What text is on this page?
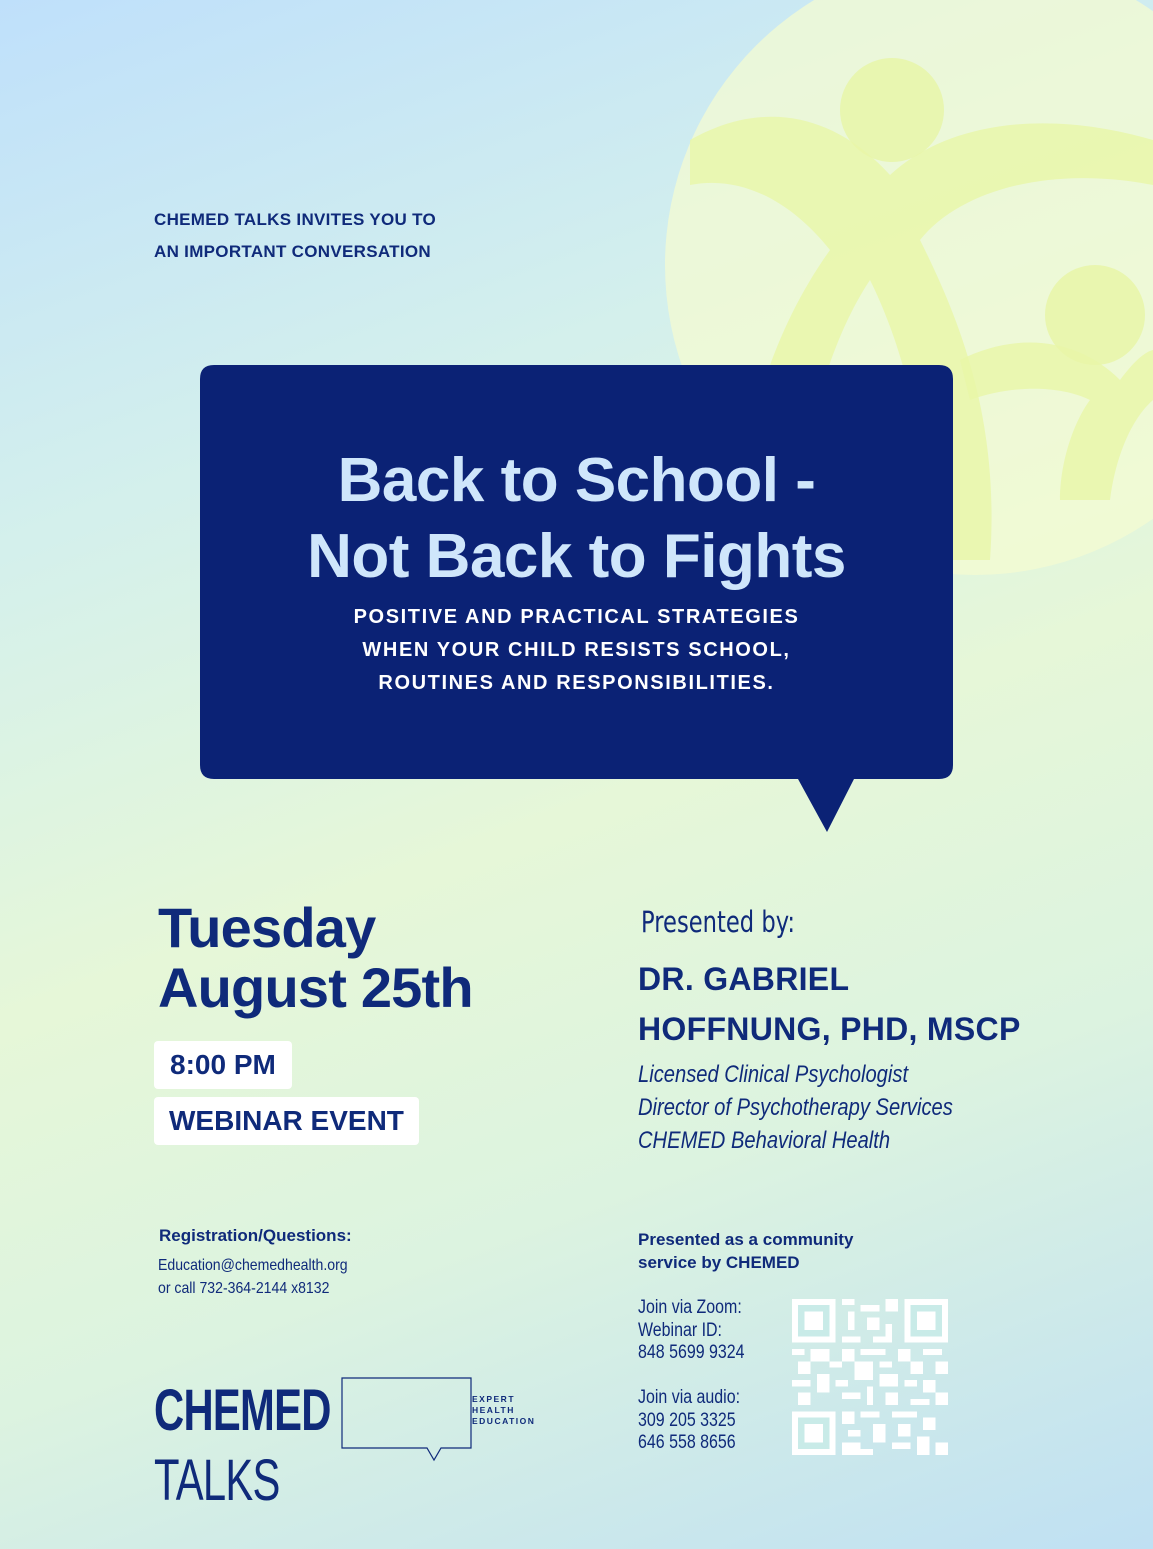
CHEMED TALKS INVITES YOU TO
AN IMPORTANT CONVERSATION
Back to School -
Not Back to Fights
POSITIVE AND PRACTICAL STRATEGIES
WHEN YOUR CHILD RESISTS SCHOOL,
ROUTINES AND RESPONSIBILITIES.
Tuesday
August 25th
8:00 PM
WEBINAR EVENT
Presented by:
DR. GABRIEL
HOFFNUNG, PHD, MSCP
Licensed Clinical Psychologist
Director of Psychotherapy Services
CHEMED Behavioral Health
Registration/Questions:
Education@chemedhealth.org
or call 732-364-2144 x8132
Presented as a community
service by CHEMED
Join via Zoom:
Webinar ID:
848 5699 9324
Join via audio:
309 205 3325
646 558 8656
CHEMED TALKS
EXPERT
HEALTH
EDUCATION
